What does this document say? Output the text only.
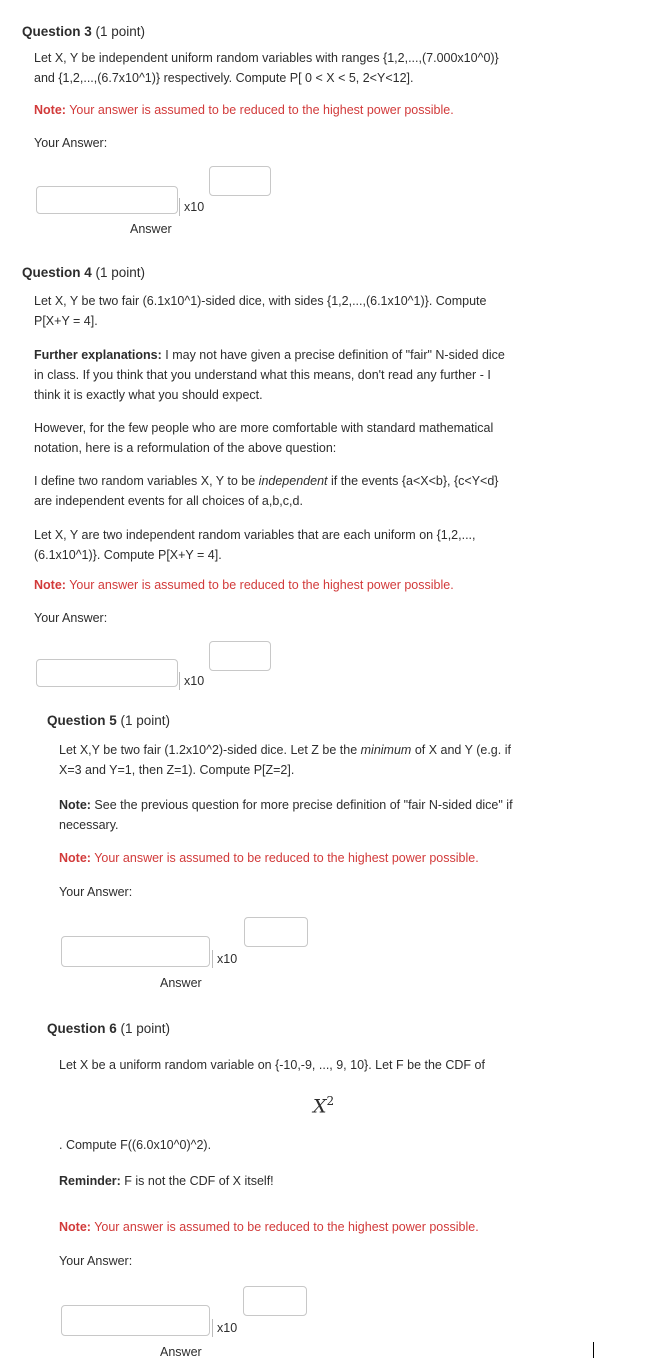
Question 3 (1 point)
Let X, Y be independent uniform random variables with ranges {1,2,...,(7.000x10^0)}
and {1,2,...,(6.7x10^1)} respectively. Compute P[ 0 < X < 5, 2<Y<12].
Note: Your answer is assumed to be reduced to the highest power possible.
Your Answer:
x10
Answer
Question 4 (1 point)
Let X, Y be two fair (6.1x10^1)-sided dice, with sides {1,2,...,(6.1x10^1)}. Compute
P[X+Y = 4].
Further explanations: I may not have given a precise definition of "fair" N-sided dice
in class. If you think that you understand what this means, don't read any further - I
think it is exactly what you should expect.
However, for the few people who are more comfortable with standard mathematical
notation, here is a reformulation of the above question:
I define two random variables X, Y to be independent if the events {a<X<b}, {c<Y<d}
are independent events for all choices of a,b,c,d.
Let X, Y are two independent random variables that are each uniform on {1,2,...,
(6.1x10^1)}. Compute P[X+Y = 4].
Note: Your answer is assumed to be reduced to the highest power possible.
Your Answer:
x10
Question 5 (1 point)
Let X,Y be two fair (1.2x10^2)-sided dice. Let Z be the minimum of X and Y (e.g. if
X=3 and Y=1, then Z=1). Compute P[Z=2].
Note: See the previous question for more precise definition of "fair N-sided dice" if
necessary.
Note: Your answer is assumed to be reduced to the highest power possible.
Your Answer:
x10
Answer
Question 6 (1 point)
Let X be a uniform random variable on {-10,-9, ..., 9, 10}. Let F be the CDF of
$X^2$
. Compute F((6.0x10^0)^2).
Reminder: F is not the CDF of X itself!
Note: Your answer is assumed to be reduced to the highest power possible.
Your Answer:
x10
Answer
